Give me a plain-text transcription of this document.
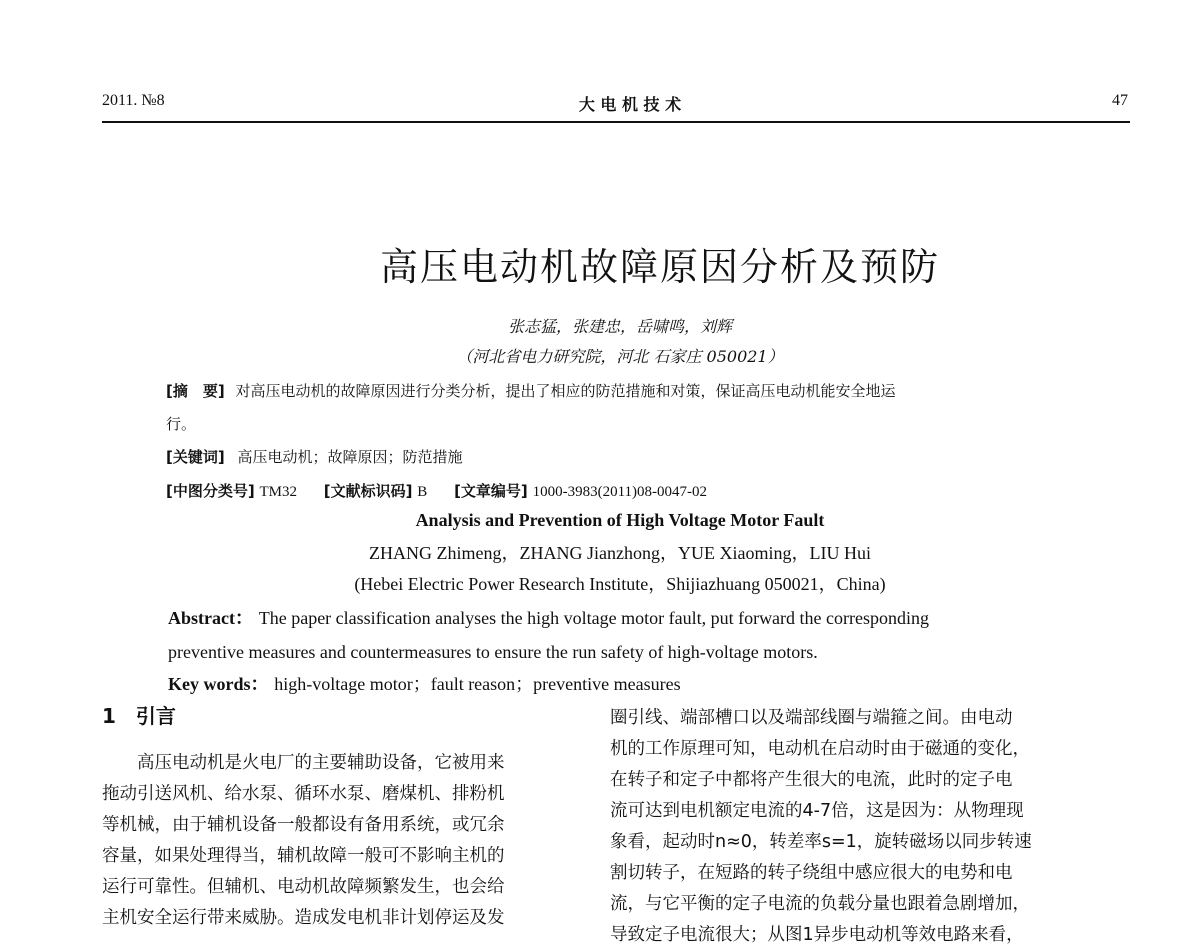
2011. №8	大 电 机 技 术	47
高压电动机故障原因分析及预防
张志猛，张建忠，岳啸鸣，刘辉
（河北省电力研究院，河北 石家庄 050021）
[摘　要] 对高压电动机的故障原因进行分类分析，提出了相应的防范措施和对策，保证高压电动机能安全地运
行。
[关键词] 高压电动机；故障原因；防范措施
[中图分类号] TM32 [文献标识码] B [文章编号] 1000-3983(2011)08-0047-02
Analysis and Prevention of High Voltage Motor Fault
ZHANG Zhimeng，ZHANG Jianzhong，YUE Xiaoming，LIU Hui
(Hebei Electric Power Research Institute，Shijiazhuang 050021，China)
Abstract： The paper classification analyses the high voltage motor fault, put forward the corresponding
preventive measures and countermeasures to ensure the run safety of high-voltage motors.
Key words： high-voltage motor；fault reason；preventive measures
1　引言
高压电动机是火电厂的主要辅助设备，它被用来
拖动引送风机、给水泵、循环水泵、磨煤机、排粉机
等机械，由于辅机设备一般都设有备用系统，或冗余
容量，如果处理得当，辅机故障一般可不影响主机的
运行可靠性。但辅机、电动机故障频繁发生，也会给
主机安全运行带来威胁。造成发电机非计划停运及发
圈引线、端部槽口以及端部线圈与端箍之间。由电动
机的工作原理可知，电动机在启动时由于磁通的变化，
在转子和定子中都将产生很大的电流，此时的定子电
流可达到电机额定电流的4-7倍，这是因为：从物理现
象看，起动时n≈0，转差率s=1，旋转磁场以同步转速
割切转子，在短路的转子绕组中感应很大的电势和电
流，与它平衡的定子电流的负载分量也跟着急剧增加，
导致定子电流很大；从图1异步电动机等效电路来看，
